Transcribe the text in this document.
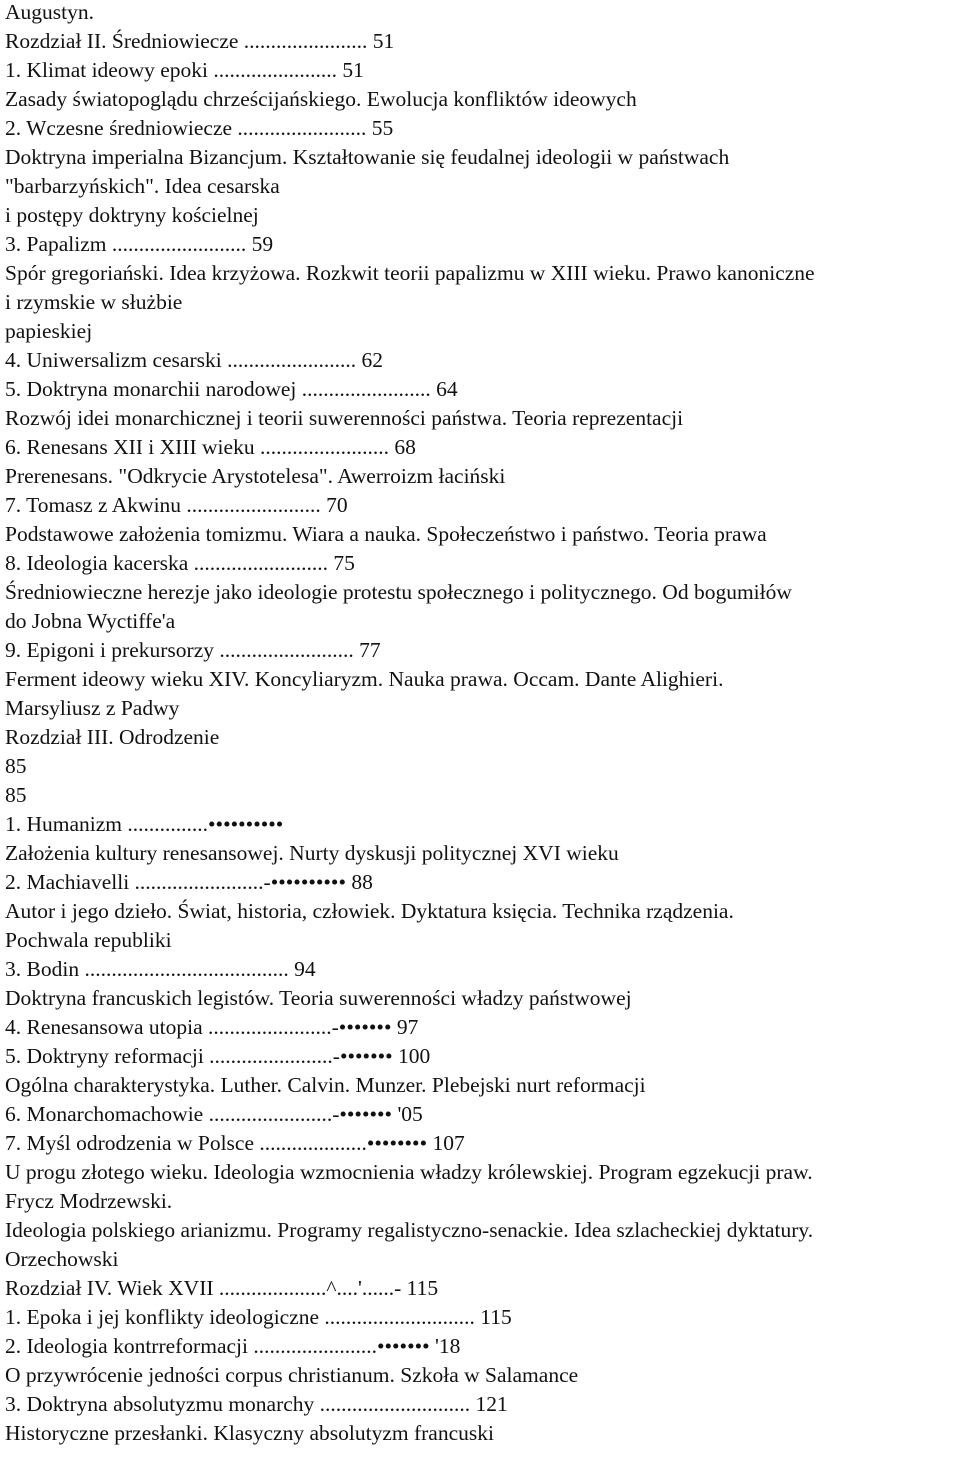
Augustyn.
Rozdział II. Średniowiecze ....................... 51
1. Klimat ideowy epoki ....................... 51
Zasady światopoglądu chrześcijańskiego. Ewolucja konfliktów ideowych
2. Wczesne średniowiecze ........................ 55
Doktryna imperialna Bizancjum. Kształtowanie się feudalnej ideologii w państwach
"barbarzyńskich". Idea cesarska
i postępy doktryny kościelnej
3. Papalizm ......................... 59
Spór gregoriański. Idea krzyżowa. Rozkwit teorii papalizmu w XIII wieku. Prawo kanoniczne
i rzymskie w służbie
papieskiej
4. Uniwersalizm cesarski ........................ 62
5. Doktryna monarchii narodowej ........................ 64
Rozwój idei monarchicznej i teorii suwerenności państwa. Teoria reprezentacji
6. Renesans XII i XIII wieku ........................ 68
Prerenesans. "Odkrycie Arystotelesa". Awerroizm łaciński
7. Tomasz z Akwinu ......................... 70
Podstawowe założenia tomizmu. Wiara a nauka. Społeczeństwo i państwo. Teoria prawa
8. Ideologia kacerska ......................... 75
Średniowieczne herezje jako ideologie protestu społecznego i politycznego. Od bogumiłów
do Jobna Wyctiffe'a
9. Epigoni i prekursorzy ......................... 77
Ferment ideowy wieku XIV. Koncyliaryzm. Nauka prawa. Occam. Dante Alighieri.
Marsyliusz z Padwy
Rozdział III. Odrodzenie
85
85
1. Humanizm ...............••••••••••
Założenia kultury renesansowej. Nurty dyskusji politycznej XVI wieku
2. Machiavelli ........................-•••••••••• 88
Autor i jego dzieło. Świat, historia, człowiek. Dyktatura księcia. Technika rządzenia.
Pochwala republiki
3. Bodin ...................................... 94
Doktryna francuskich legistów. Teoria suwerenności władzy państwowej
4. Renesansowa utopia .......................-••••••• 97
5. Doktryny reformacji .......................-••••••• 100
Ogólna charakterystyka. Luther. Calvin. Munzer. Plebejski nurt reformacji
6. Monarchomachowie .......................-••••••• '05
7. Myśl odrodzenia w Polsce ....................•••••••• 107
U progu złotego wieku. Ideologia wzmocnienia władzy królewskiej. Program egzekucji praw.
Frycz Modrzewski.
Ideologia polskiego arianizmu. Programy regalistyczno-senackie. Idea szlacheckiej dyktatury.
Orzechowski
Rozdział IV. Wiek XVII ....................^....'......- 115
1. Epoka i jej konflikty ideologiczne ............................ 115
2. Ideologia kontrreformacji .......................••••••• '18
O przywrócenie jedności corpus christianum. Szkoła w Salamance
3. Doktryna absolutyzmu monarchy ............................ 121
Historyczne przesłanki. Klasyczny absolutyzm francuski
